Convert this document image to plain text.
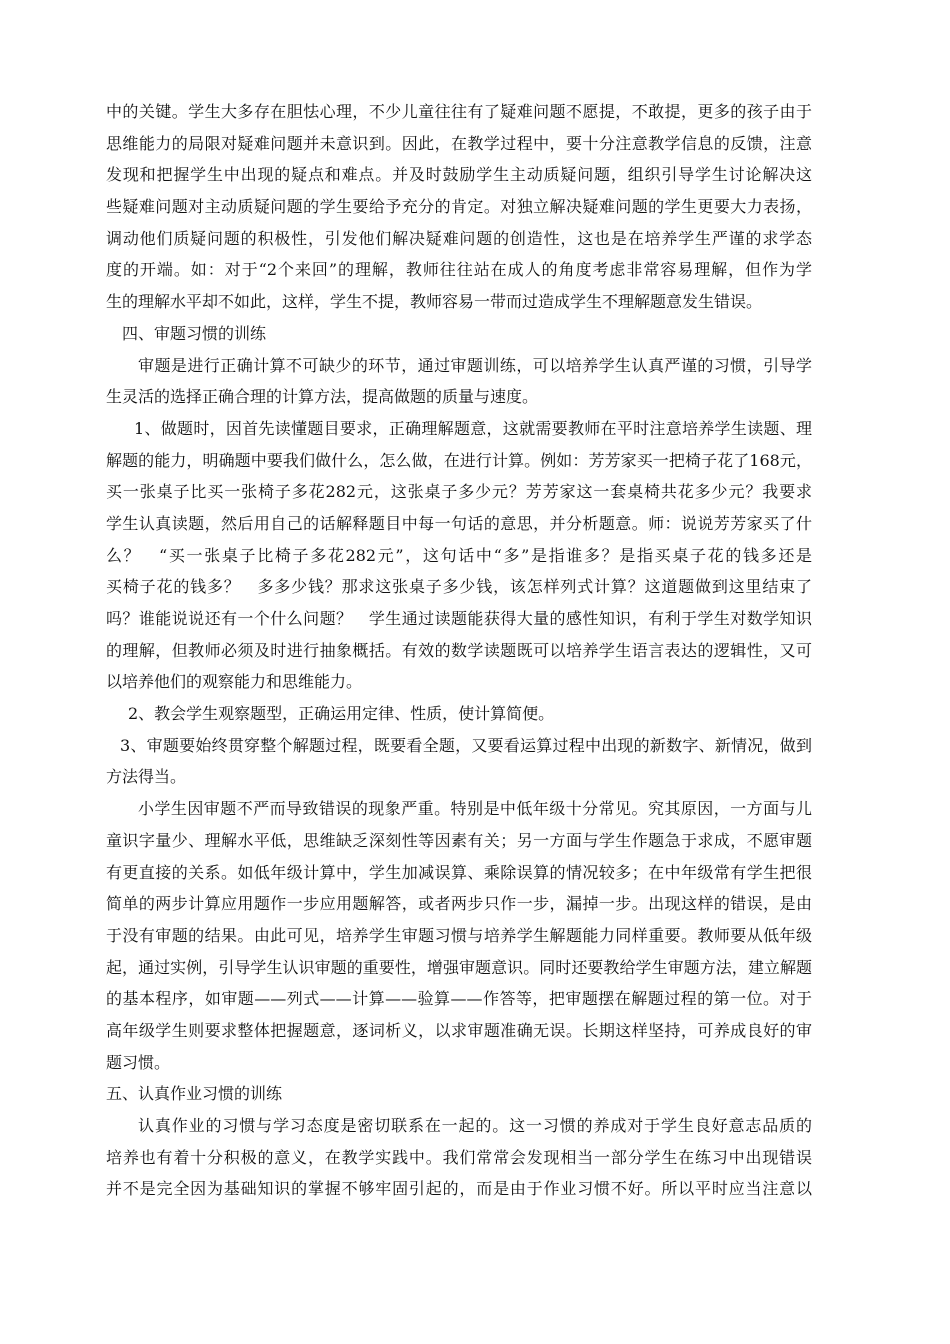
中的关键。学生大多存在胆怯心理，不少儿童往往有了疑难问题不愿提，不敢提，更多的孩子由于
思维能力的局限对疑难问题并未意识到。因此，在教学过程中，要十分注意教学信息的反馈，注意
发现和把握学生中出现的疑点和难点。并及时鼓励学生主动质疑问题，组织引导学生讨论解决这
些疑难问题对主动质疑问题的学生要给予充分的肯定。对独立解决疑难问题的学生更要大力表扬，
调动他们质疑问题的积极性，引发他们解决疑难问题的创造性，这也是在培养学生严谨的求学态
度的开端。如：对于“2个来回”的理解，教师往往站在成人的角度考虑非常容易理解，但作为学
生的理解水平却不如此，这样，学生不提，教师容易一带而过造成学生不理解题意发生错误。
四、审题习惯的训练
审题是进行正确计算不可缺少的环节，通过审题训练，可以培养学生认真严谨的习惯，引导学
生灵活的选择正确合理的计算方法，提高做题的质量与速度。
1、做题时，因首先读懂题目要求，正确理解题意，这就需要教师在平时注意培养学生读题、理
解题的能力，明确题中要我们做什么，怎么做，在进行计算。例如：芳芳家买一把椅子花了168元，
买一张桌子比买一张椅子多花282元，这张桌子多少元？芳芳家这一套桌椅共花多少元？我要求
学生认真读题，然后用自己的话解释题目中每一句话的意思，并分析题意。师：说说芳芳家买了什
么？　“买一张桌子比椅子多花282元”，这句话中“多”是指谁多？是指买桌子花的钱多还是
买椅子花的钱多？　多多少钱？那求这张桌子多少钱，该怎样列式计算？这道题做到这里结束了
吗？谁能说说还有一个什么问题？　学生通过读题能获得大量的感性知识，有利于学生对数学知识
的理解，但教师必须及时进行抽象概括。有效的数学读题既可以培养学生语言表达的逻辑性，又可
以培养他们的观察能力和思维能力。
2、教会学生观察题型，正确运用定律、性质，使计算简便。
3、审题要始终贯穿整个解题过程，既要看全题，又要看运算过程中出现的新数字、新情况，做到
方法得当。
小学生因审题不严而导致错误的现象严重。特别是中低年级十分常见。究其原因，一方面与儿
童识字量少、理解水平低，思维缺乏深刻性等因素有关；另一方面与学生作题急于求成，不愿审题
有更直接的关系。如低年级计算中，学生加减误算、乘除误算的情况较多；在中年级常有学生把很
简单的两步计算应用题作一步应用题解答，或者两步只作一步，漏掉一步。出现这样的错误，是由
于没有审题的结果。由此可见，培养学生审题习惯与培养学生解题能力同样重要。教师要从低年级
起，通过实例，引导学生认识审题的重要性，增强审题意识。同时还要教给学生审题方法，建立解题
的基本程序，如审题——列式——计算——验算——作答等，把审题摆在解题过程的第一位。对于
高年级学生则要求整体把握题意，逐词析义，以求审题准确无误。长期这样坚持，可养成良好的审
题习惯。
五、认真作业习惯的训练
认真作业的习惯与学习态度是密切联系在一起的。这一习惯的养成对于学生良好意志品质的
培养也有着十分积极的意义，在教学实践中。我们常常会发现相当一部分学生在练习中出现错误
并不是完全因为基础知识的掌握不够牢固引起的，而是由于作业习惯不好。所以平时应当注意以
